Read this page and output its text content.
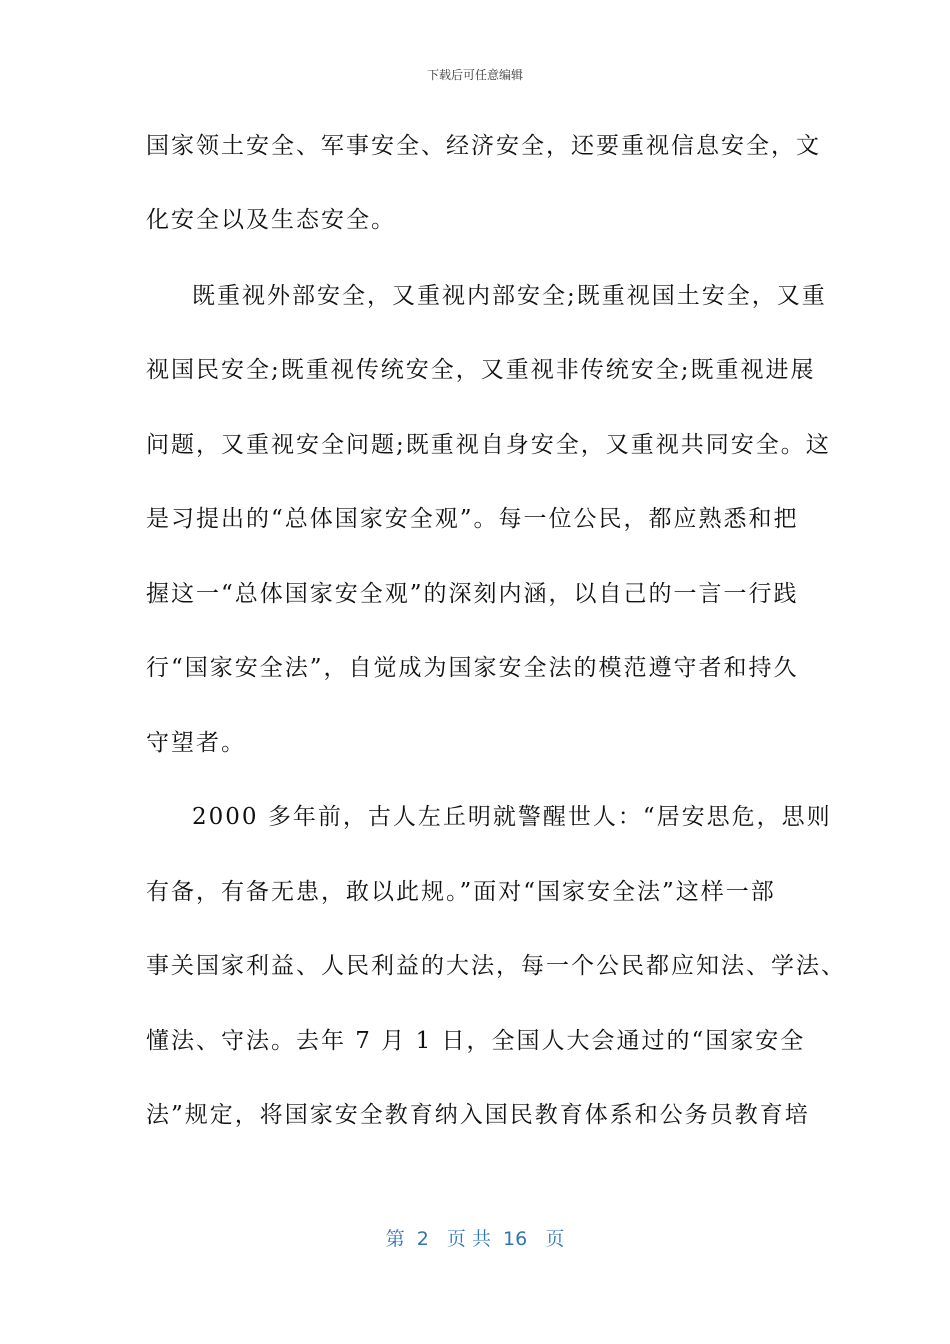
下载后可任意编辑
国家领土安全、军事安全、经济安全，还要重视信息安全，文
化安全以及生态安全。
既重视外部安全，又重视内部安全;既重视国土安全，又重
视国民安全;既重视传统安全，又重视非传统安全;既重视进展
问题，又重视安全问题;既重视自身安全，又重视共同安全。这
是习提出的“总体国家安全观”。每一位公民，都应熟悉和把
握这一“总体国家安全观”的深刻内涵，以自己的一言一行践
行“国家安全法”，自觉成为国家安全法的模范遵守者和持久
守望者。
2000 多年前，古人左丘明就警醒世人：“居安思危，思则
有备，有备无患，敢以此规。”面对“国家安全法”这样一部
事关国家利益、人民利益的大法，每一个公民都应知法、学法、
懂法、守法。去年 7 月 1 日，全国人大会通过的“国家安全
法”规定，将国家安全教育纳入国民教育体系和公务员教育培
第  2   页 共  16   页
